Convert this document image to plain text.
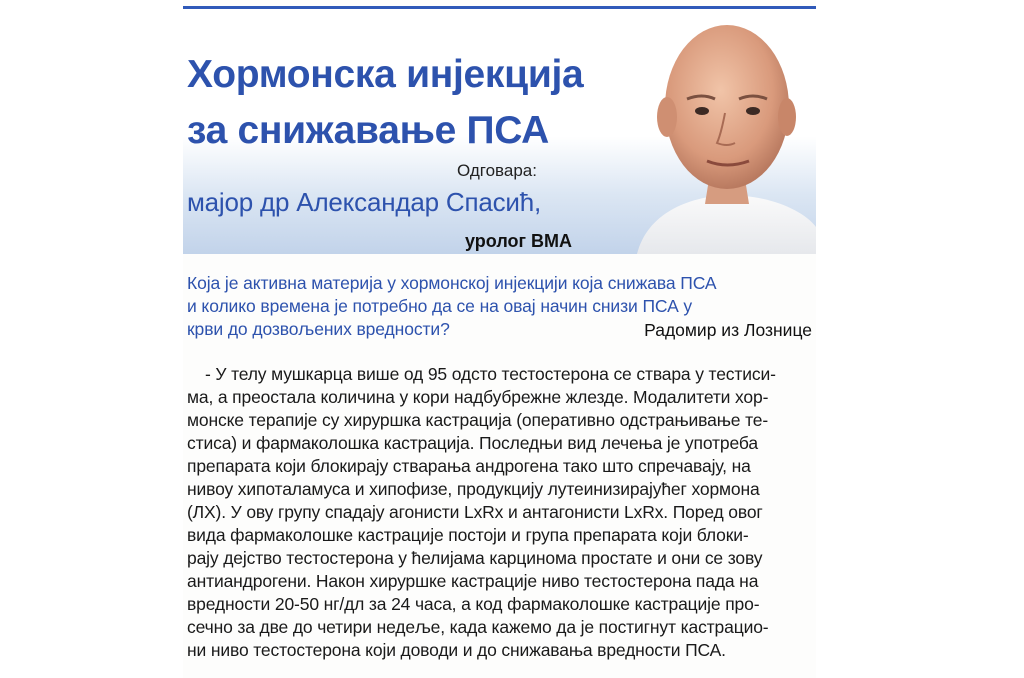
Хормонска инјекција
за снижавање ПСА
Одговара:
мајор др Александар Спасић,
уролог ВМА

Која је активна материја у хормонској инјекцији која снижава ПСА

и колико времена је потребно да се на овај начин снизи ПСА у

крви до дозвољених вредности?	Радомир из Лознице
- У телу мушкарца више од 95 одсто тестостерона се ствара у тестиси-
ма, а преостала количина у кори надбубрежне жлезде. Модалитети хор-
монске терапије су хируршка кастрација (оперативно одстрањивање те-
стиса) и фармаколошка кастрација. Последњи вид лечења је употреба
препарата који блокирају стварања андрогена тако што спречавају, на
нивоу хипоталамуса и хипофизе, продукцију лутеинизирајућег хормона
(ЛХ). У ову групу спадају агонисти LxRx и антагонисти LxRx. Поред овог
вида фармаколошке кастрације постоји и група препарата који блоки-
рају дејство тестостерона у ћелијама карцинома простате и они се зову
антиандрогени. Након хируршке кастрације ниво тестостерона пада на
вредности 20-50 нг/дл за 24 часа, а код фармаколошке кастрације про-
сечно за две до четири недеље, када кажемо да је постигнут кастрацио-
ни ниво тестостерона који доводи и до снижавања вредности ПСА.
